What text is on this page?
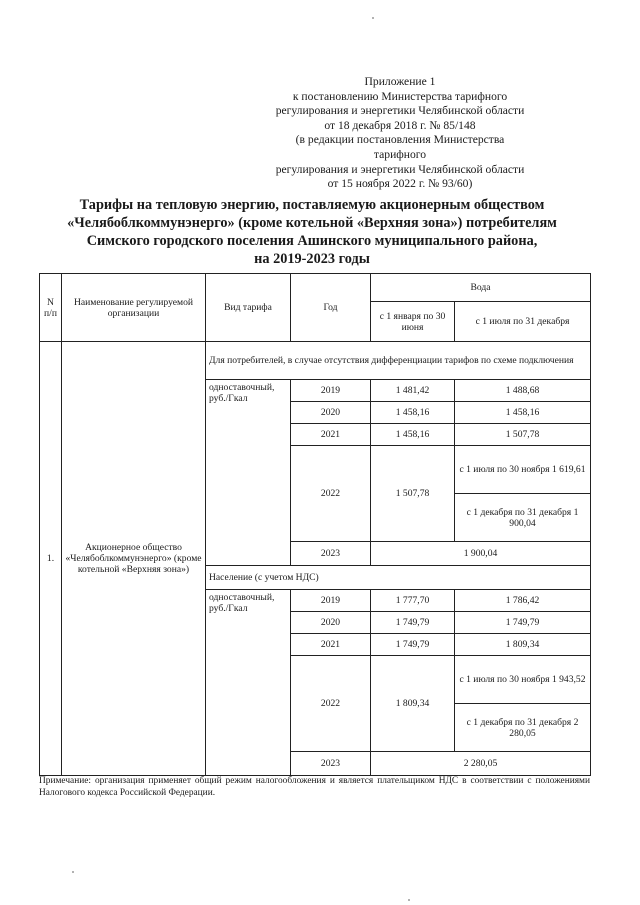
Приложение 1
к постановлению Министерства тарифного
регулирования и энергетики Челябинской области
от 18 декабря 2018 г. № 85/148
(в редакции постановления Министерства тарифного
регулирования и энергетики Челябинской области
от 15 ноября 2022 г. № 93/60)
Тарифы на тепловую энергию, поставляемую акционерным обществом
«Челябоблкоммунэнерго» (кроме котельной «Верхняя зона») потребителям
Симского городского поселения Ашинского муниципального района,
на 2019-2023 годы
N п/п	Наименование регулируемой организации	Вид тарифа	Год	Вода	
				с 1 января по 30 июня	с 1 июля по 31 декабря
1.	Акционерное общество «Челябоблкоммунэнерго» (кроме котельной «Верхняя зона»)	Для потребителей, в случае отсутствия дифференциации тарифов по схеме подключения			
		одноставочный, руб./Гкал	2019	1 481,42	1 488,68
			2020	1 458,16	1 458,16
			2021	1 458,16	1 507,78
			2022	1 507,78	с 1 июля по 30 ноября 1 619,61
					с 1 декабря по 31 декабря 1 900,04
			2023	1 900,04	
		Население (с учетом НДС)			
		одноставочный, руб./Гкал	2019	1 777,70	1 786,42
			2020	1 749,79	1 749,79
			2021	1 749,79	1 809,34
			2022	1 809,34	с 1 июля по 30 ноября 1 943,52
					с 1 декабря по 31 декабря 2 280,05
			2023	2 280,05	
Примечание: организация применяет общий режим налогообложения и является плательщиком НДС в соответствии с положениями Налогового кодекса Российской Федерации.
